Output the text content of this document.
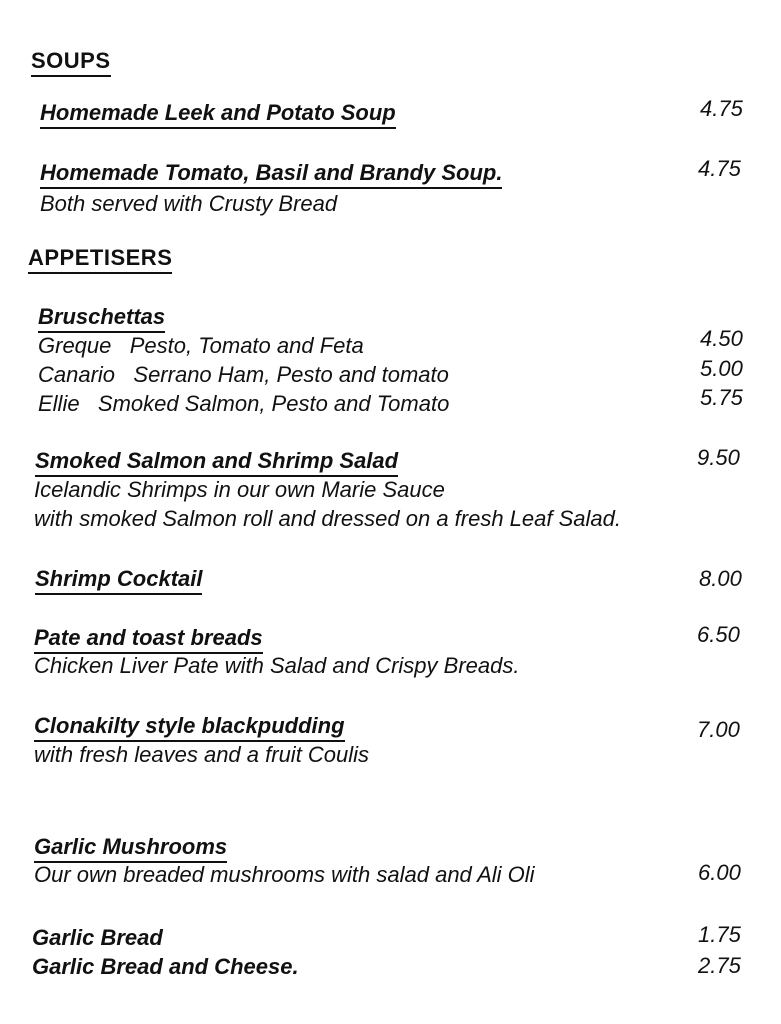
SOUPS
Homemade Leek and Potato Soup	4.75
Homemade Tomato, Basil and Brandy Soup.	4.75
Both served with Crusty Bread
APPETISERS
Bruschettas
Greque Pesto, Tomato and Feta	4.50
Canario Serrano Ham, Pesto and tomato	5.00
Ellie Smoked Salmon, Pesto and Tomato	5.75
Smoked Salmon and Shrimp Salad	9.50
Icelandic Shrimps in our own Marie Sauce
with smoked Salmon roll and dressed on a fresh Leaf Salad.
Shrimp Cocktail	8.00
Pate and toast breads	6.50
Chicken Liver Pate with Salad and Crispy Breads.
Clonakilty style blackpudding	7.00
with fresh leaves and a fruit Coulis
Garlic Mushrooms
Our own breaded mushrooms with salad and Ali Oli	6.00
Garlic Bread	1.75
Garlic Bread and Cheese.	2.75
